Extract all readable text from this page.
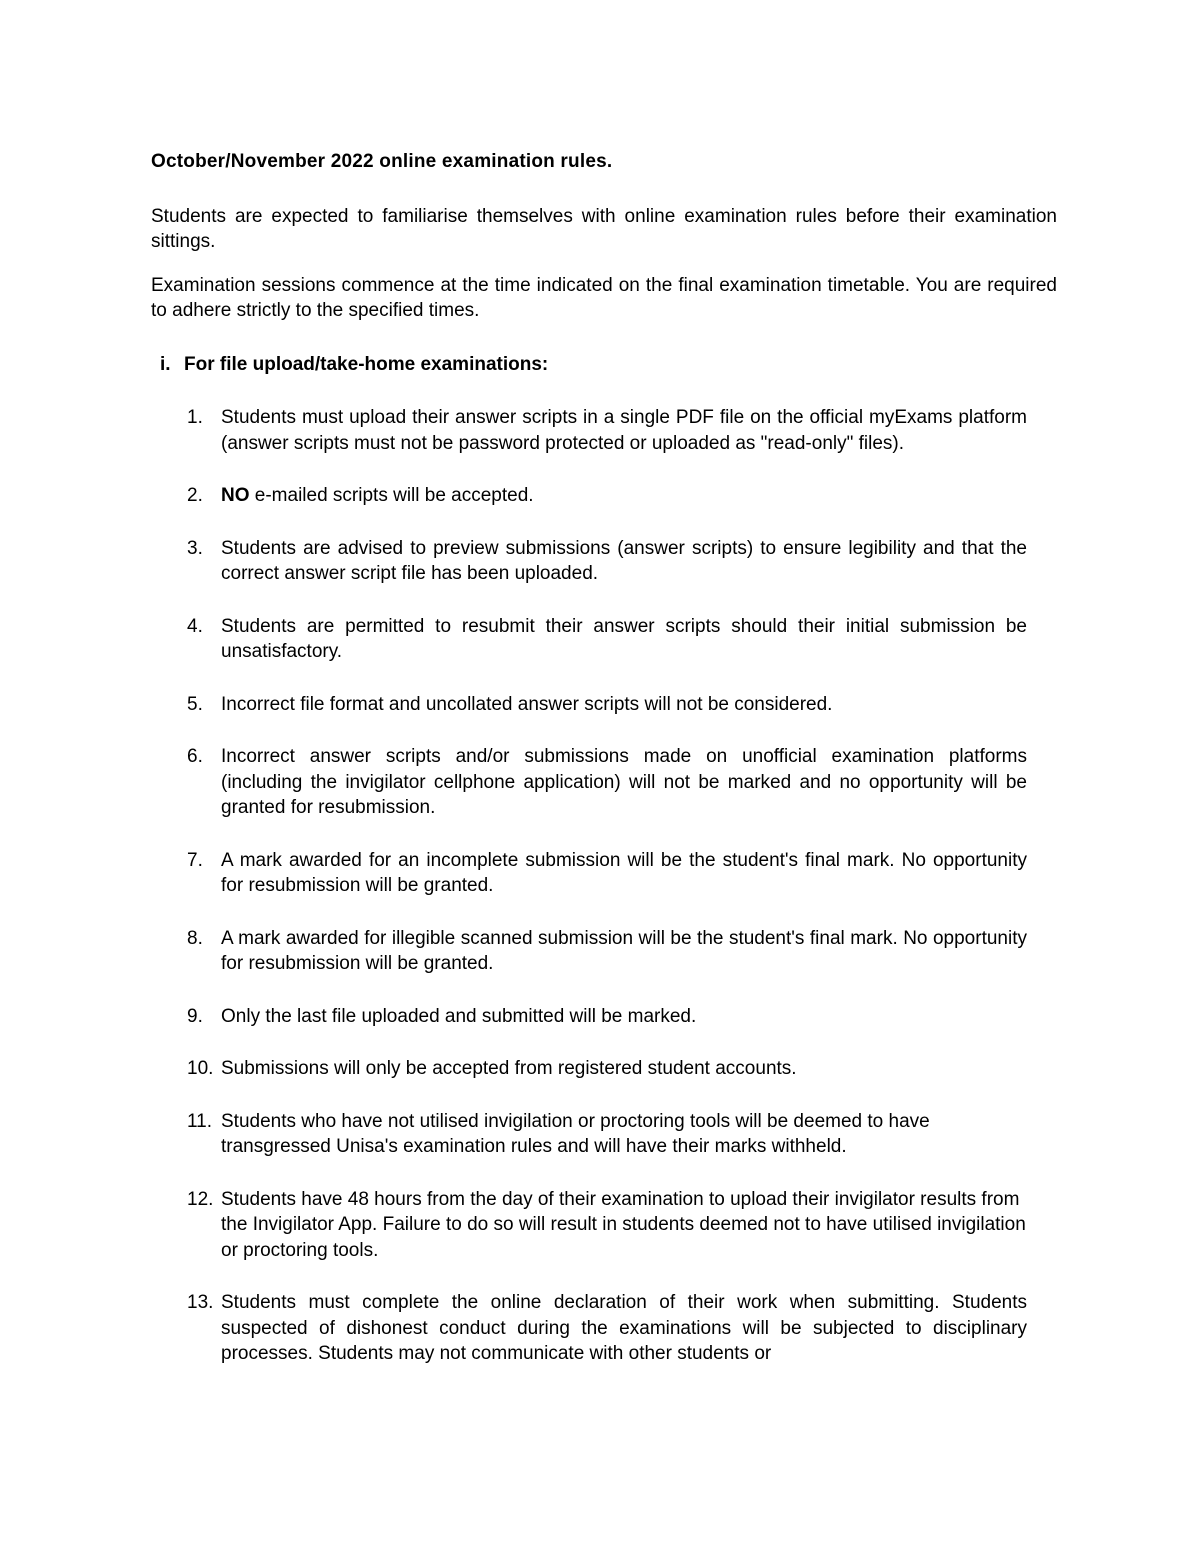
October/November 2022 online examination rules.

Students are expected to familiarise themselves with online examination rules before their examination sittings.

Examination sessions commence at the time indicated on the final examination timetable. You are required to adhere strictly to the specified times.

i. For file upload/take-home examinations:
1. Students must upload their answer scripts in a single PDF file on the official myExams platform (answer scripts must not be password protected or uploaded as "read-only" files).
2. NO e-mailed scripts will be accepted.
3. Students are advised to preview submissions (answer scripts) to ensure legibility and that the correct answer script file has been uploaded.
4. Students are permitted to resubmit their answer scripts should their initial submission be unsatisfactory.
5. Incorrect file format and uncollated answer scripts will not be considered.
6. Incorrect answer scripts and/or submissions made on unofficial examination platforms (including the invigilator cellphone application) will not be marked and no opportunity will be granted for resubmission.
7. A mark awarded for an incomplete submission will be the student's final mark. No opportunity for resubmission will be granted.
8. A mark awarded for illegible scanned submission will be the student's final mark. No opportunity for resubmission will be granted.
9. Only the last file uploaded and submitted will be marked.
10. Submissions will only be accepted from registered student accounts.
11. Students who have not utilised invigilation or proctoring tools will be deemed to have transgressed Unisa's examination rules and will have their marks withheld.
12. Students have 48 hours from the day of their examination to upload their invigilator results from the Invigilator App. Failure to do so will result in students deemed not to have utilised invigilation or proctoring tools.
13. Students must complete the online declaration of their work when submitting. Students suspected of dishonest conduct during the examinations will be subjected to disciplinary processes. Students may not communicate with other students or
